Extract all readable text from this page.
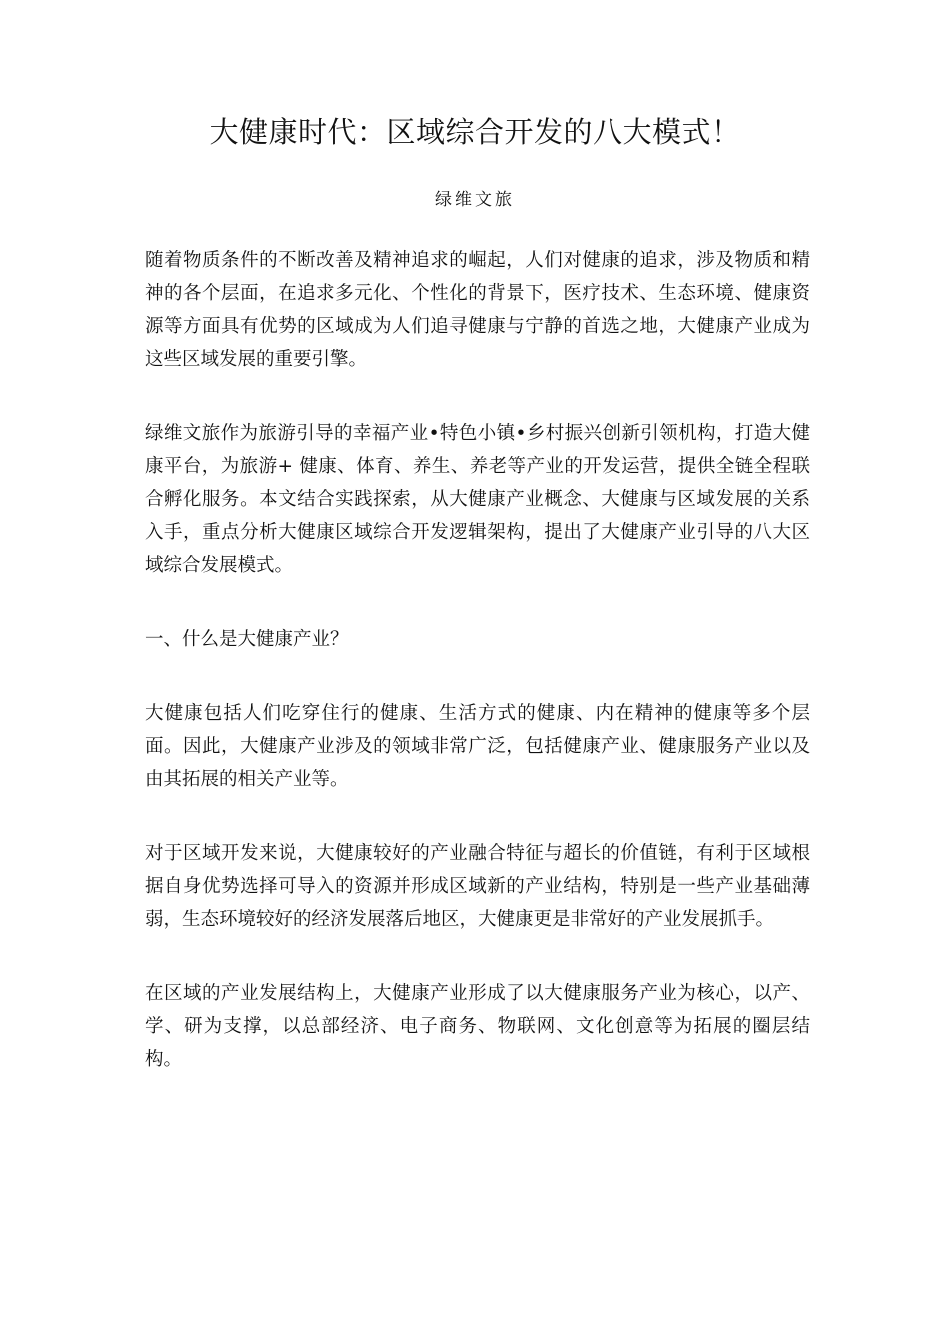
大健康时代：区域综合开发的八大模式！
绿维文旅

随着物质条件的不断改善及精神追求的崛起，人们对健康的追求，涉及物质和精神的各个层面，在追求多元化、个性化的背景下，医疗技术、生态环境、健康资源等方面具有优势的区域成为人们追寻健康与宁静的首选之地，大健康产业成为这些区域发展的重要引擎。

绿维文旅作为旅游引导的幸福产业•特色小镇•乡村振兴创新引领机构，打造大健康平台，为旅游+ 健康、体育、养生、养老等产业的开发运营，提供全链全程联合孵化服务。本文结合实践探索，从大健康产业概念、大健康与区域发展的关系入手，重点分析大健康区域综合开发逻辑架构，提出了大健康产业引导的八大区域综合发展模式。

一、什么是大健康产业？

大健康包括人们吃穿住行的健康、生活方式的健康、内在精神的健康等多个层面。因此，大健康产业涉及的领域非常广泛，包括健康产业、健康服务产业以及由其拓展的相关产业等。

对于区域开发来说，大健康较好的产业融合特征与超长的价值链，有利于区域根据自身优势选择可导入的资源并形成区域新的产业结构，特别是一些产业基础薄弱，生态环境较好的经济发展落后地区，大健康更是非常好的产业发展抓手。

在区域的产业发展结构上，大健康产业形成了以大健康服务产业为核心，以产、学、研为支撑，以总部经济、电子商务、物联网、文化创意等为拓展的圈层结构。
